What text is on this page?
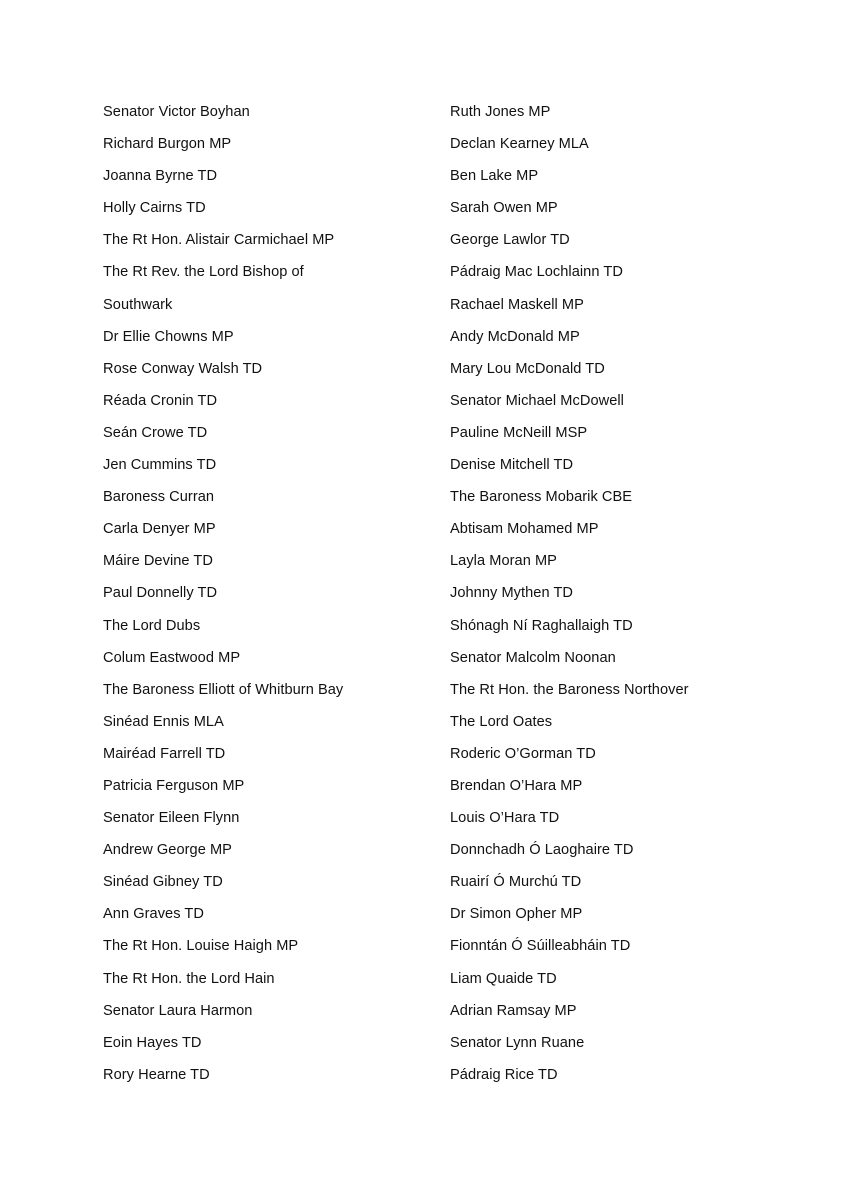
Senator Victor Boyhan
Richard Burgon MP
Joanna Byrne TD
Holly Cairns TD
The Rt Hon. Alistair Carmichael MP
The Rt Rev. the Lord Bishop of
Southwark
Dr Ellie Chowns MP
Rose Conway Walsh TD
Réada Cronin TD
Seán Crowe TD
Jen Cummins TD
Baroness Curran
Carla Denyer MP
Máire Devine TD
Paul Donnelly TD
The Lord Dubs
Colum Eastwood MP
The Baroness Elliott of Whitburn Bay
Sinéad Ennis MLA
Mairéad Farrell TD
Patricia Ferguson MP
Senator Eileen Flynn
Andrew George MP
Sinéad Gibney TD
Ann Graves TD
The Rt Hon. Louise Haigh MP
The Rt Hon. the Lord Hain
Senator Laura Harmon
Eoin Hayes TD
Rory Hearne TD
Ruth Jones MP
Declan Kearney MLA
Ben Lake MP
Sarah Owen MP
George Lawlor TD
Pádraig Mac Lochlainn TD
Rachael Maskell MP
Andy McDonald MP
Mary Lou McDonald TD
Senator Michael McDowell
Pauline McNeill MSP
Denise Mitchell TD
The Baroness Mobarik CBE
Abtisam Mohamed MP
Layla Moran MP
Johnny Mythen TD
Shónagh Ní Raghallaigh TD
Senator Malcolm Noonan
The Rt Hon. the Baroness Northover
The Lord Oates
Roderic O’Gorman TD
Brendan O’Hara MP
Louis O’Hara TD
Donnchadh Ó Laoghaire TD
Ruairí Ó Murchú TD
Dr Simon Opher MP
Fionntán Ó Súilleabháin TD
Liam Quaide TD
Adrian Ramsay MP
Senator Lynn Ruane
Pádraig Rice TD
